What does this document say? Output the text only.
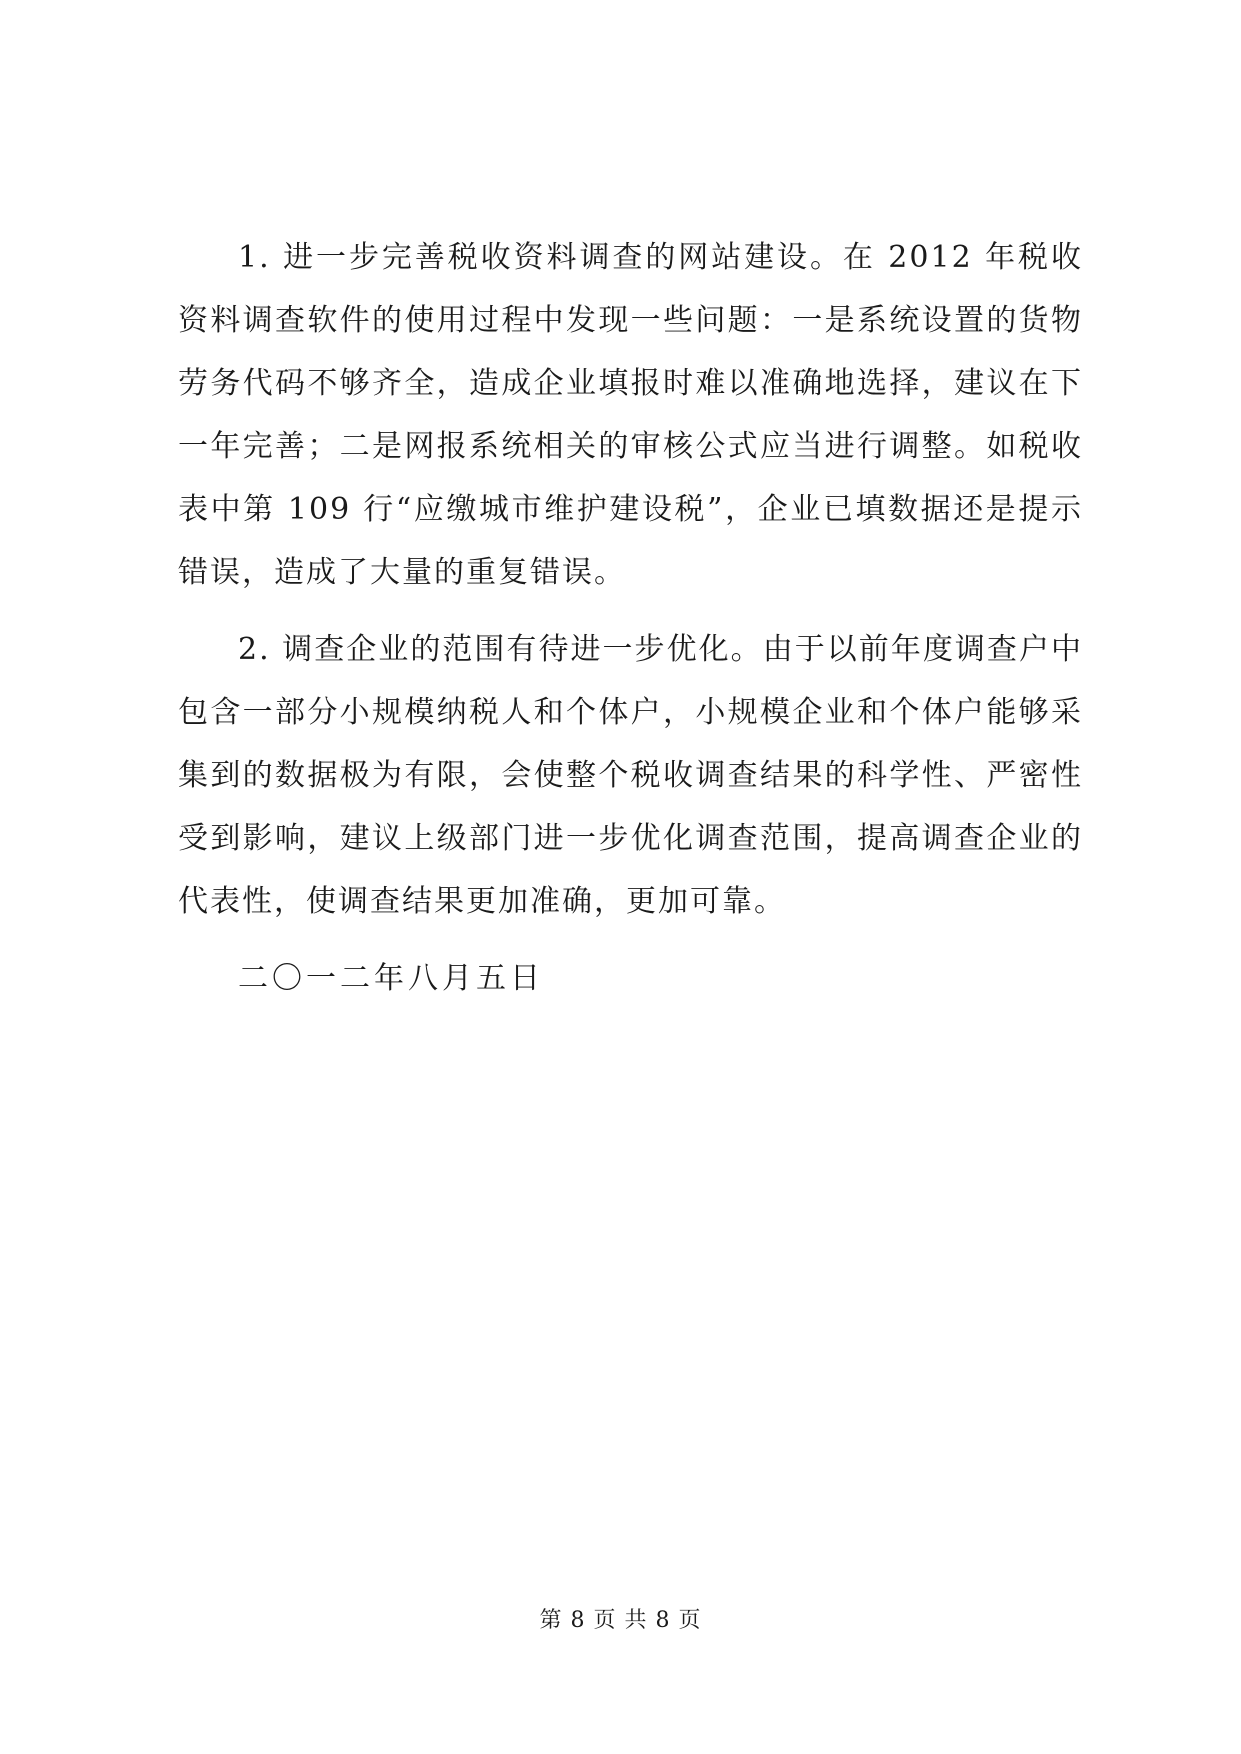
1. 进一步完善税收资料调查的网站建设。在 2012 年税收资料调查软件的使用过程中发现一些问题：一是系统设置的货物劳务代码不够齐全，造成企业填报时难以准确地选择，建议在下一年完善；二是网报系统相关的审核公式应当进行调整。如税收表中第 109 行“应缴城市维护建设税”，企业已填数据还是提示错误，造成了大量的重复错误。

2. 调查企业的范围有待进一步优化。由于以前年度调查户中包含一部分小规模纳税人和个体户，小规模企业和个体户能够采集到的数据极为有限，会使整个税收调查结果的科学性、严密性受到影响，建议上级部门进一步优化调查范围，提高调查企业的代表性，使调查结果更加准确，更加可靠。

二〇一二年八月五日

第 8 页 共 8 页
